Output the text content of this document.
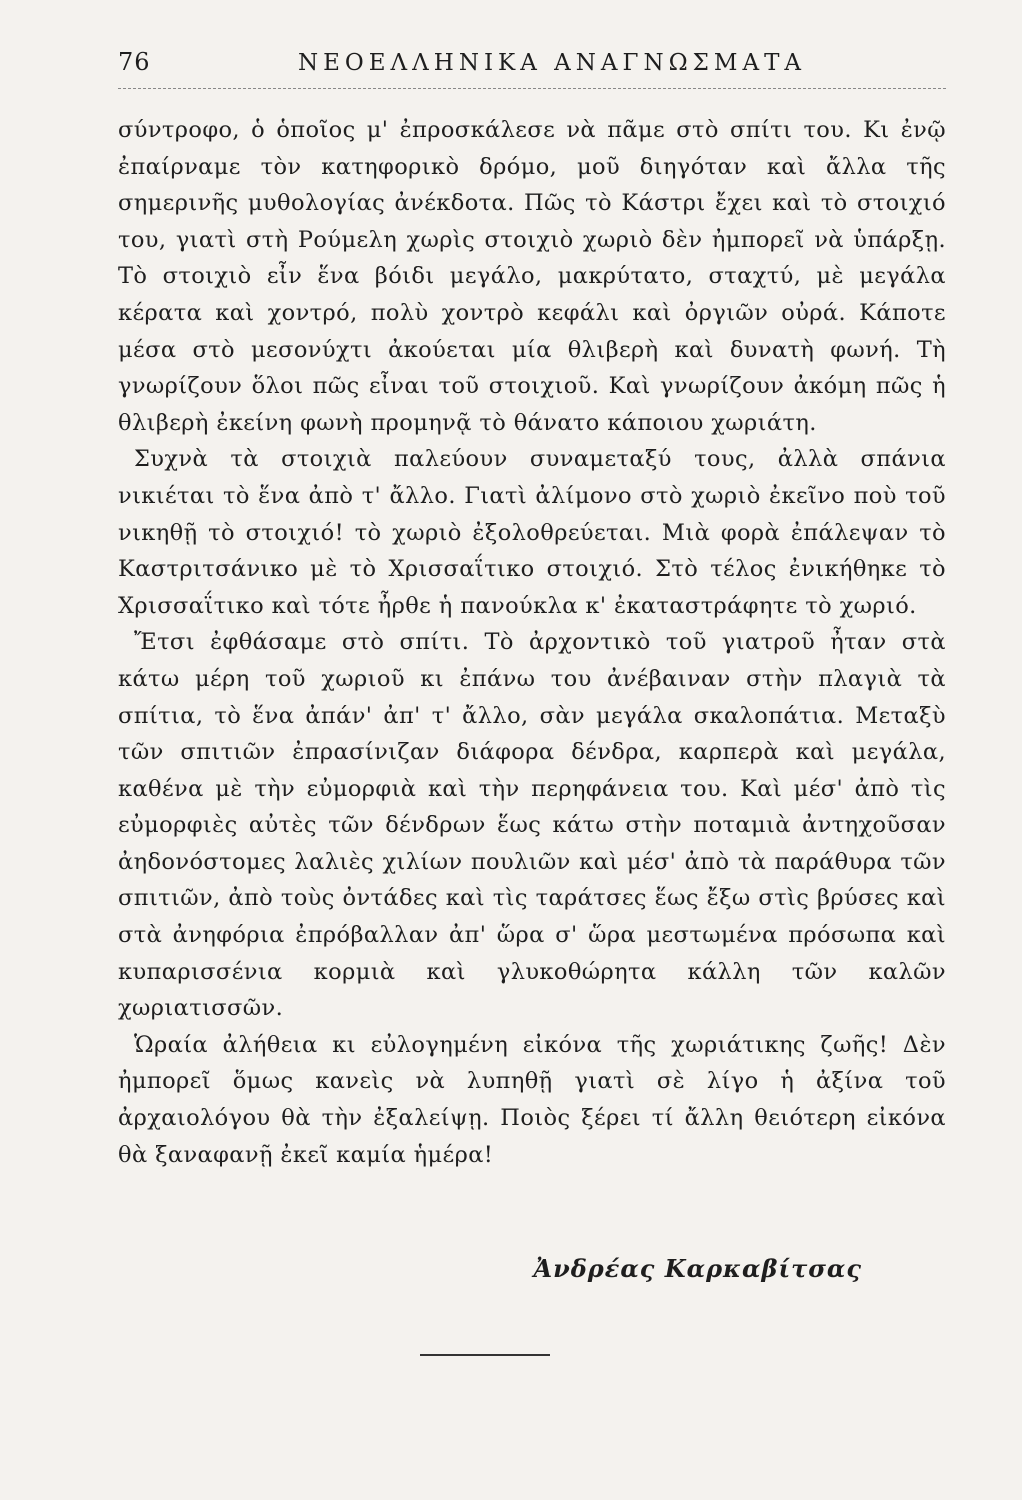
76	ΝΕΟΕΛΛΗΝΙΚΑ ΑΝΑΓΝΩΣΜΑΤΑ

σύντροφο, ὁ ὁποῖος μ' ἐπροσκάλεσε νὰ πᾶμε στὸ σπίτι του. Κι ἐνῷ ἐπαίρναμε τὸν κατηφορικὸ δρόμο, μοῦ διηγόταν καὶ ἄλλα τῆς σημερινῆς μυθολογίας ἀνέκδοτα. Πῶς τὸ Κάστρι ἔχει καὶ τὸ στοιχιό του, γιατὶ στὴ Ρούμελη χωρὶς στοιχιὸ χωριὸ δὲν ἠμπορεῖ νὰ ὑπάρξῃ. Τὸ στοιχιὸ εἶν ἕνα βόιδι μεγάλο, μακρύτατο, σταχτύ, μὲ μεγάλα κέρατα καὶ χοντρό, πολὺ χοντρὸ κεφάλι καὶ ὀργιῶν οὐρά. Κάποτε μέσα στὸ μεσονύχτι ἀκούεται μία θλιβερὴ καὶ δυνατὴ φωνή. Τὴ γνωρίζουν ὅλοι πῶς εἶναι τοῦ στοιχιοῦ. Καὶ γνωρίζουν ἀκόμη πῶς ἡ θλιβερὴ ἐκείνη φωνὴ προμηνᾷ τὸ θάνατο κάποιου χωριάτη.

Συχνὰ τὰ στοιχιὰ παλεύουν συναμεταξύ τους, ἀλλὰ σπάνια νικιέται τὸ ἕνα ἀπὸ τ' ἄλλο. Γιατὶ ἀλίμονο στὸ χωριὸ ἐκεῖνο ποὺ τοῦ νικηθῇ τὸ στοιχιό! τὸ χωριὸ ἐξολοθρεύεται. Μιὰ φορὰ ἐπάλεψαν τὸ Καστριτσάνικο μὲ τὸ Χρισσαΐτικο στοιχιό. Στὸ τέλος ἐνικήθηκε τὸ Χρισσαΐτικο καὶ τότε ἦρθε ἡ πανούκλα κ' ἐκαταστράφητε τὸ χωριό.

Ἔτσι ἐφθάσαμε στὸ σπίτι. Τὸ ἀρχοντικὸ τοῦ γιατροῦ ἦταν στὰ κάτω μέρη τοῦ χωριοῦ κι ἐπάνω του ἀνέβαιναν στὴν πλαγιὰ τὰ σπίτια, τὸ ἕνα ἀπάν' ἀπ' τ' ἄλλο, σὰν μεγάλα σκαλοπάτια. Μεταξὺ τῶν σπιτιῶν ἐπρασίνιζαν διάφορα δένδρα, καρπερὰ καὶ μεγάλα, καθένα μὲ τὴν εὐμορφιὰ καὶ τὴν περηφάνεια του. Καὶ μέσ' ἀπὸ τὶς εὐμορφιὲς αὐτὲς τῶν δένδρων ἕως κάτω στὴν ποταμιὰ ἀντηχοῦσαν ἀηδονόστομες λαλιὲς χιλίων πουλιῶν καὶ μέσ' ἀπὸ τὰ παράθυρα τῶν σπιτιῶν, ἀπὸ τοὺς ὀντάδες καὶ τὶς ταράτσες ἕως ἔξω στὶς βρύσες καὶ στὰ ἀνηφόρια ἐπρόβαλλαν ἀπ' ὥρα σ' ὥρα μεστωμένα πρόσωπα καὶ κυπαρισσένια κορμιὰ καὶ γλυκοθώρητα κάλλη τῶν καλῶν χωριατισσῶν.

Ὡραία ἀλήθεια κι εὐλογημένη εἰκόνα τῆς χωριάτικης ζωῆς! Δὲν ἠμπορεῖ ὅμως κανεὶς νὰ λυπηθῇ γιατὶ σὲ λίγο ἡ ἀξίνα τοῦ ἀρχαιολόγου θὰ τὴν ἐξαλείψῃ. Ποιὸς ξέρει τί ἄλλη θειότερη εἰκόνα θὰ ξαναφανῇ ἐκεῖ καμία ἡμέρα!

Ἀνδρέας Καρκαβίτσας
